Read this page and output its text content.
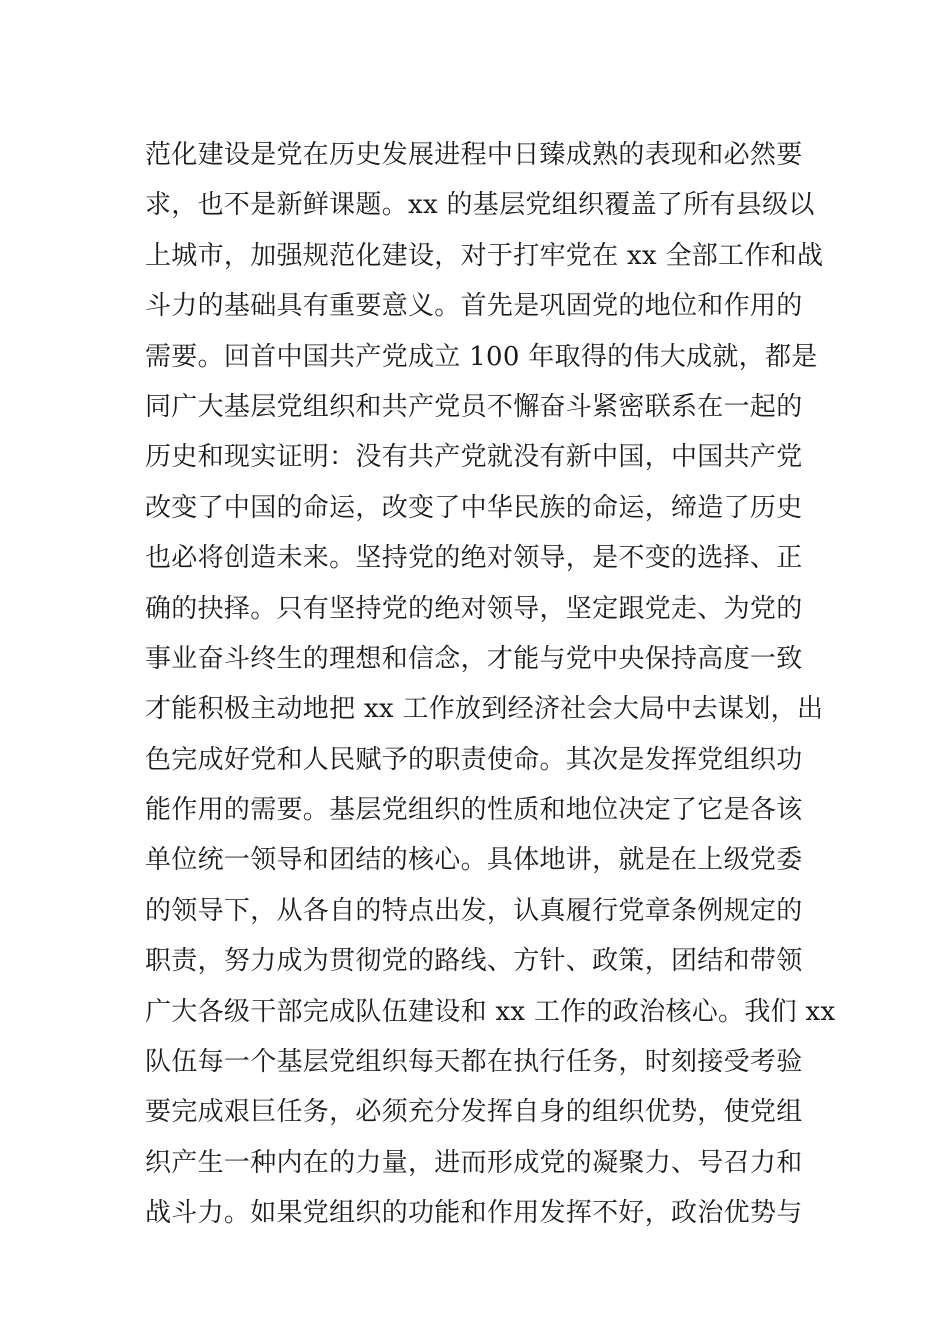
范化建设是党在历史发展进程中日臻成熟的表现和必然要
求，也不是新鲜课题。xx 的基层党组织覆盖了所有县级以
上城市，加强规范化建设，对于打牢党在 xx 全部工作和战
斗力的基础具有重要意义。首先是巩固党的地位和作用的
需要。回首中国共产党成立 100 年取得的伟大成就，都是
同广大基层党组织和共产党员不懈奋斗紧密联系在一起的
历史和现实证明：没有共产党就没有新中国，中国共产党
改变了中国的命运，改变了中华民族的命运，缔造了历史
也必将创造未来。坚持党的绝对领导，是不变的选择、正
确的抉择。只有坚持党的绝对领导，坚定跟党走、为党的
事业奋斗终生的理想和信念，才能与党中央保持高度一致
才能积极主动地把 xx 工作放到经济社会大局中去谋划，出
色完成好党和人民赋予的职责使命。其次是发挥党组织功
能作用的需要。基层党组织的性质和地位决定了它是各该
单位统一领导和团结的核心。具体地讲，就是在上级党委
的领导下，从各自的特点出发，认真履行党章条例规定的
职责，努力成为贯彻党的路线、方针、政策，团结和带领
广大各级干部完成队伍建设和 xx 工作的政治核心。我们 xx
队伍每一个基层党组织每天都在执行任务，时刻接受考验
要完成艰巨任务，必须充分发挥自身的组织优势，使党组
织产生一种内在的力量，进而形成党的凝聚力、号召力和
战斗力。如果党组织的功能和作用发挥不好，政治优势与
